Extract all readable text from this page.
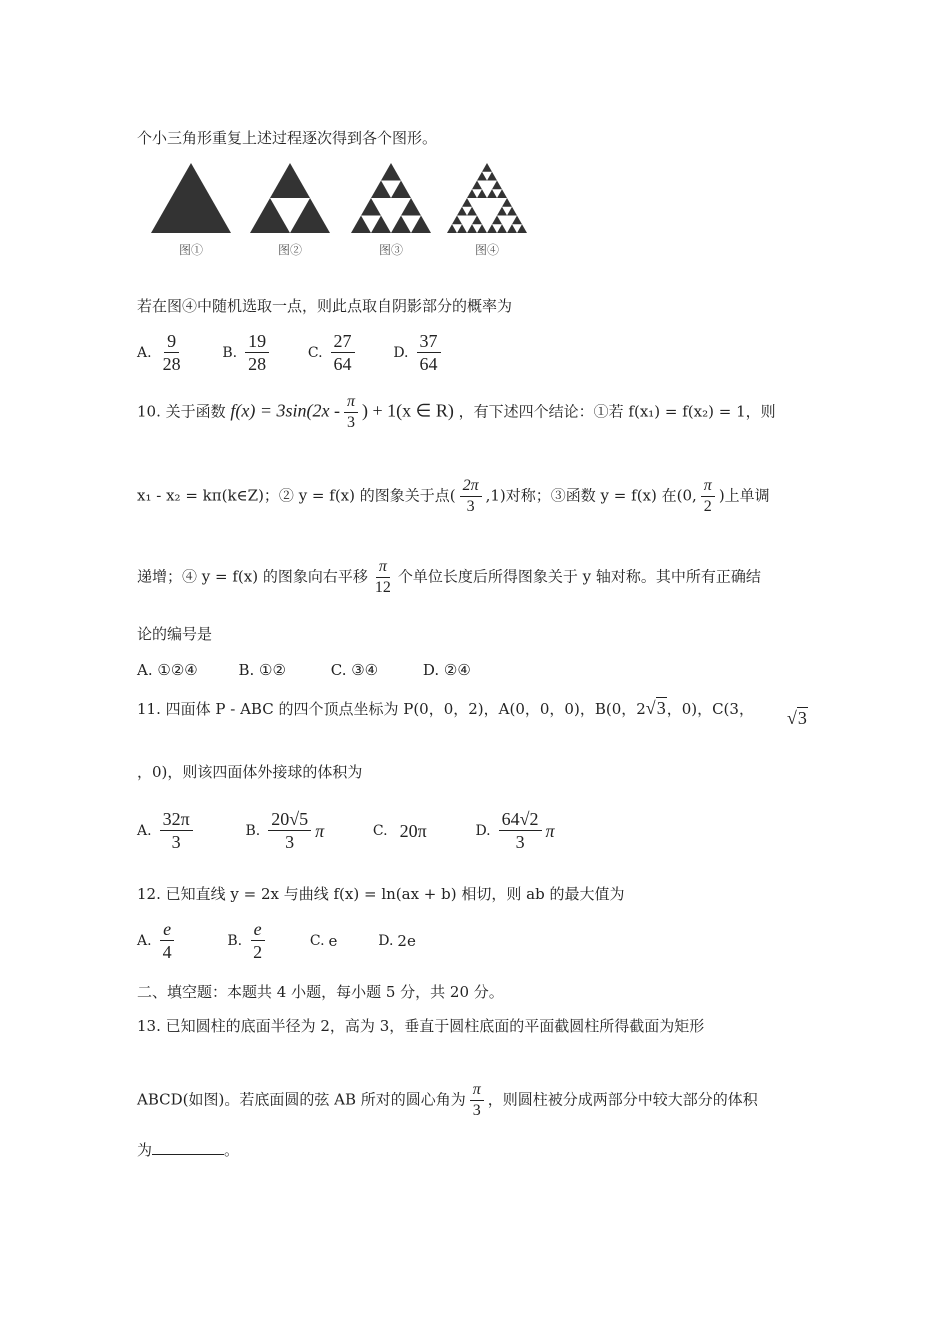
个小三角形重复上述过程逐次得到各个图形。
图①	图②	图③	图④
若在图④中随机选取一点，则此点取自阴影部分的概率为
A. $\frac{9}{28}$
	B. $\frac{19}{28}$
	C. $\frac{27}{64}$
	D. $\frac{37}{64}$
10. 关于函数 $f(x) = 3\sin(2x - \frac{\pi}{3}$ ) + 1(x ∈ R) ，有下述四个结论：①若 f(x₁) = f(x₂) = 1，则
x₁ - x₂ = kπ(k∈Z)；② y = f(x) 的图象关于点( $\frac{2\pi}{3} ,1$)对称；③函数 y = f(x) 在(0, $\frac{\pi}{2}$ )上单调
递增；④ y = f(x) 的图象向右平移 $\frac{\pi}{12}$ 个单位长度后所得图象关于 y 轴对称。其中所有正确结
论的编号是
A. ①②④	B. ①②	C. ③④	D. ②④
11. 四面体 P - ABC 的四个顶点坐标为 P(0，0，2)，A(0，0，0)，B(0，2√3，0)，C(3， √3
，0)，则该四面体外接球的体积为
A. $\frac{32\pi}{3}$
	B. $\frac{20√5}{3}$ π
	C. 20π
	D. $\frac{64√2}{3}$ π
12. 已知直线 y = 2x 与曲线 f(x) = ln(ax + b) 相切，则 ab 的最大值为
A. $\frac{e}{4}$
	B. $\frac{e}{2}$
	C. e
	D. 2e
二、填空题：本题共 4 小题，每小题 5 分，共 20 分。
13. 已知圆柱的底面半径为 2，高为 3，垂直于圆柱底面的平面截圆柱所得截面为矩形
ABCD(如图)。若底面圆的弦 AB 所对的圆心角为 $\frac{\pi}{3}$ ，则圆柱被分成两部分中较大部分的体积
为	。
